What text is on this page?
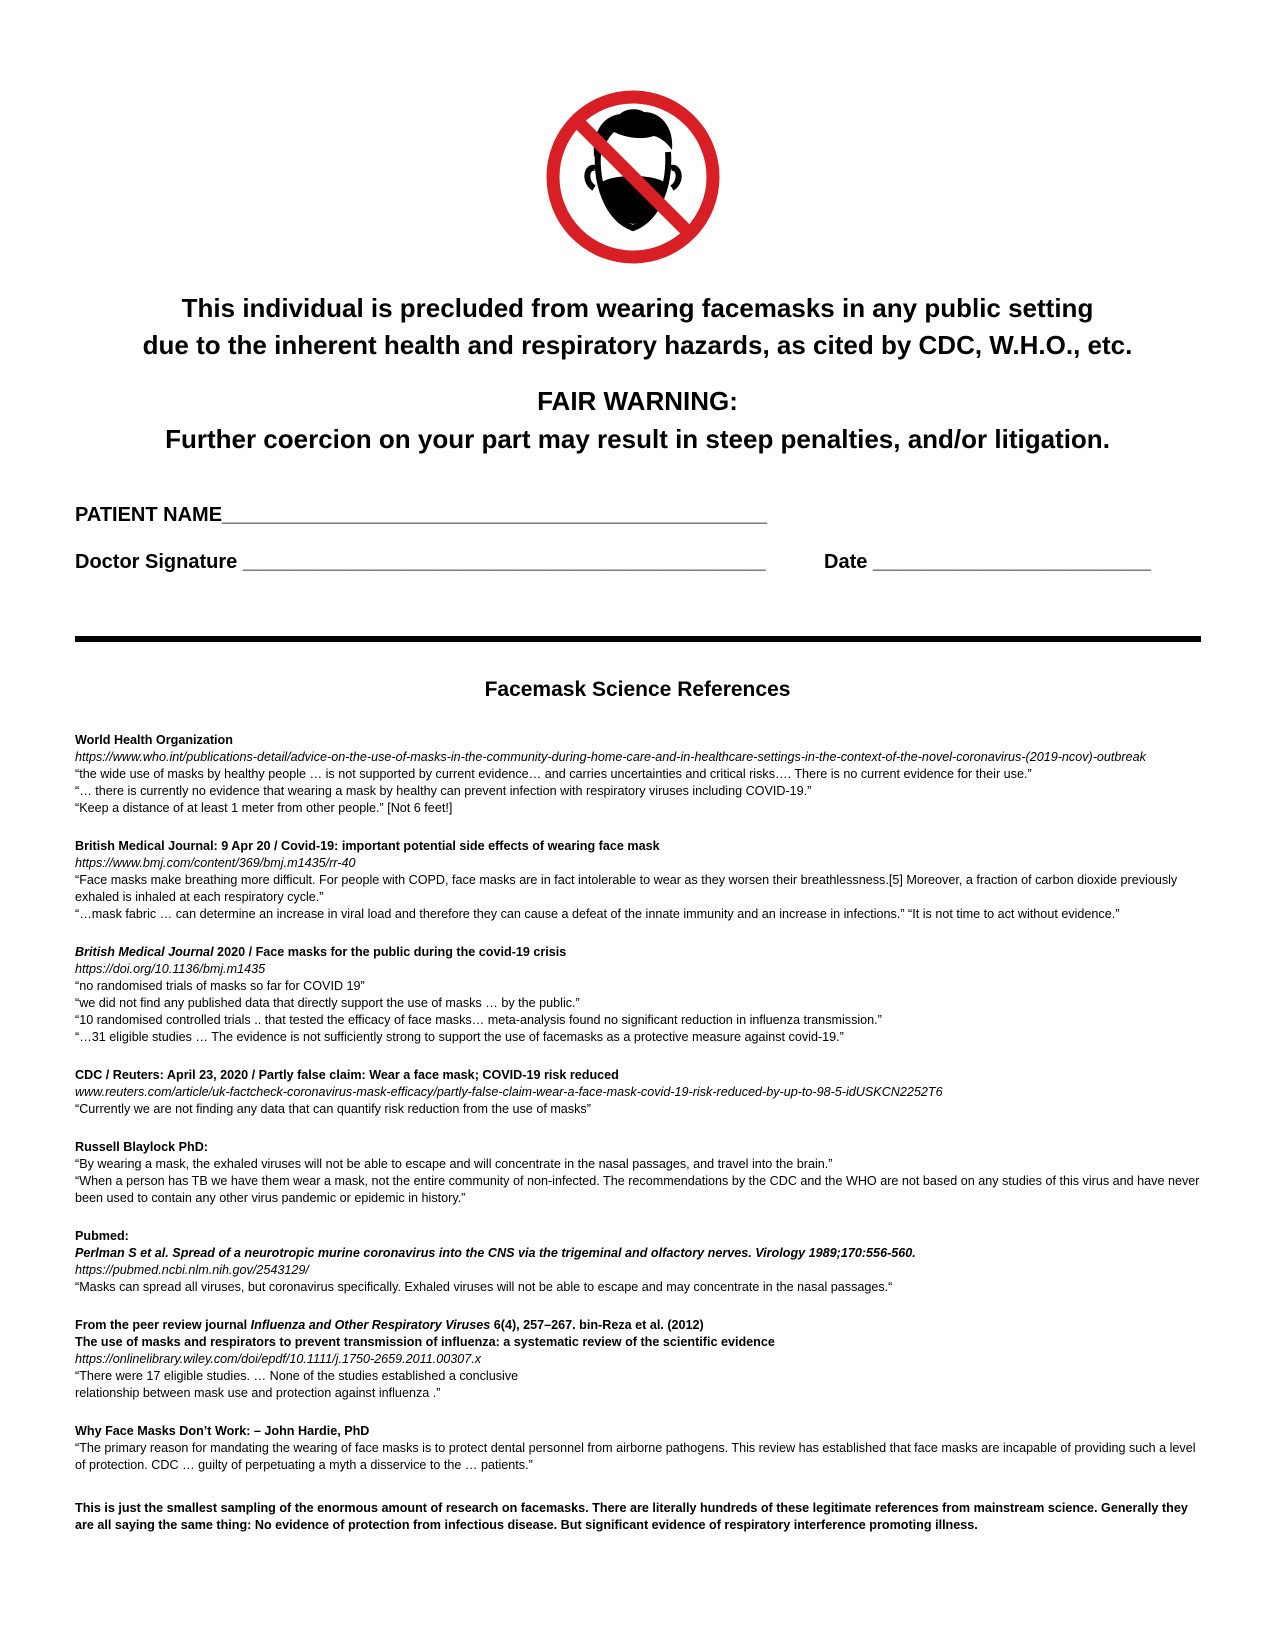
This individual is precluded from wearing facemasks in any public setting
due to the inherent health and respiratory hazards, as cited by CDC, W.H.O., etc.
FAIR WARNING:
Further coercion on your part may result in steep penalties, and/or litigation.
PATIENT NAME_________________________________________________
Doctor Signature _______________________________________________	Date _________________________
Facemask Science References
World Health Organization
https://www.who.int/publications-detail/advice-on-the-use-of-masks-in-the-community-during-home-care-and-in-healthcare-settings-in-the-context-of-the-novel-coronavirus-(2019-ncov)-outbreak
“the wide use of masks by healthy people … is not supported by current evidence… and carries uncertainties and critical risks…. There is no current evidence for their use.”
“… there is currently no evidence that wearing a mask by healthy can prevent infection with respiratory viruses including COVID-19.”
“Keep a distance of at least 1 meter from other people.” [Not 6 feet!]
British Medical Journal: 9 Apr 20 / Covid-19: important potential side effects of wearing face mask
https://www.bmj.com/content/369/bmj.m1435/rr-40
“Face masks make breathing more difficult. For people with COPD, face masks are in fact intolerable to wear as they worsen their breathlessness.[5] Moreover, a fraction of carbon dioxide previously exhaled is inhaled at each respiratory cycle.”
“…mask fabric … can determine an increase in viral load and therefore they can cause a defeat of the innate immunity and an increase in infections.” “It is not time to act without evidence.”
British Medical Journal 2020 / Face masks for the public during the covid-19 crisis
https://doi.org/10.1136/bmj.m1435
“no randomised trials of masks so far for COVID 19”
“we did not find any published data that directly support the use of masks … by the public.”
“10 randomised controlled trials .. that tested the efficacy of face masks… meta-analysis found no significant reduction in influenza transmission.”
“…31 eligible studies … The evidence is not sufficiently strong to support the use of facemasks as a protective measure against covid-19.”
CDC / Reuters: April 23, 2020 / Partly false claim: Wear a face mask; COVID-19 risk reduced
www.reuters.com/article/uk-factcheck-coronavirus-mask-efficacy/partly-false-claim-wear-a-face-mask-covid-19-risk-reduced-by-up-to-98-5-idUSKCN2252T6
“Currently we are not finding any data that can quantify risk reduction from the use of masks”
Russell Blaylock PhD:
“By wearing a mask, the exhaled viruses will not be able to escape and will concentrate in the nasal passages, and travel into the brain.”
“When a person has TB we have them wear a mask, not the entire community of non-infected. The recommendations by the CDC and the WHO are not based on any studies of this virus and have never been used to contain any other virus pandemic or epidemic in history.”
Pubmed:
Perlman S et al. Spread of a neurotropic murine coronavirus into the CNS via the trigeminal and olfactory nerves. Virology 1989;170:556-560.
https://pubmed.ncbi.nlm.nih.gov/2543129/
“Masks can spread all viruses, but coronavirus specifically. Exhaled viruses will not be able to escape and may concentrate in the nasal passages.“
From the peer review journal Influenza and Other Respiratory Viruses 6(4), 257–267. bin-Reza et al. (2012)
The use of masks and respirators to prevent transmission of influenza: a systematic review of the scientific evidence
https://onlinelibrary.wiley.com/doi/epdf/10.1111/j.1750-2659.2011.00307.x
“There were 17 eligible studies. … None of the studies established a conclusive
relationship between mask use and protection against influenza .”
Why Face Masks Don’t Work: – John Hardie, PhD
“The primary reason for mandating the wearing of face masks is to protect dental personnel from airborne pathogens. This review has established that face masks are incapable of providing such a level of protection. CDC … guilty of perpetuating a myth a disservice to the … patients.”
This is just the smallest sampling of the enormous amount of research on facemasks. There are literally hundreds of these legitimate references from mainstream science. Generally they are all saying the same thing: No evidence of protection from infectious disease. But significant evidence of respiratory interference promoting illness.
